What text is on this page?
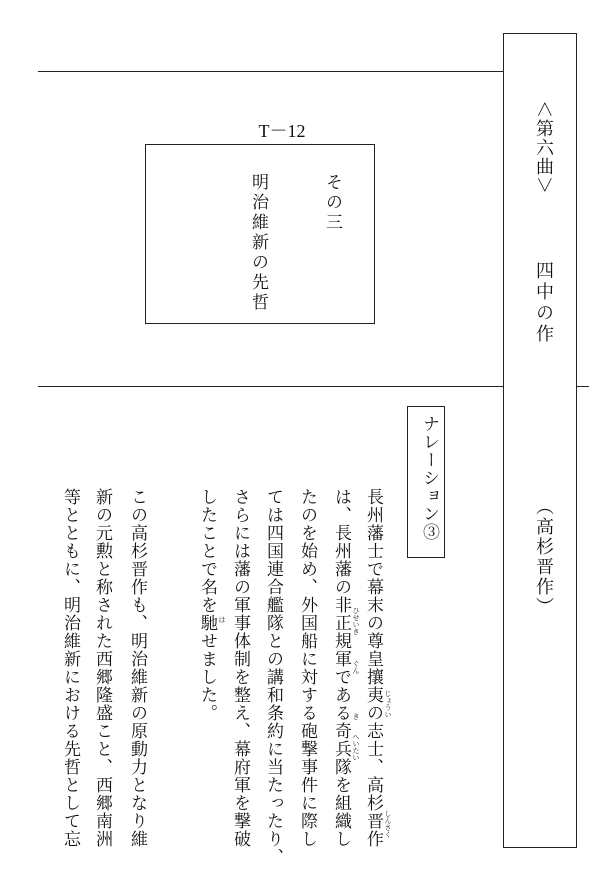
＜第六曲＞
四中の作
（高杉晋作）
T－12
その三
明治維新の先哲
ナレーション③
長州藩士で幕末の尊皇攘夷の志士、高杉晋作
は、長州藩の非正規軍である奇兵隊を組織し
たのを始め、外国船に対する砲撃事件に際し
ては四国連合艦隊との講和条約に当たったり、
さらには藩の軍事体制を整え、幕府軍を撃破
したことで名を馳せました。
この高杉晋作も、明治維新の原動力となり維
新の元勲と称された西郷隆盛こと、西郷南洲
等とともに、明治維新における先哲として忘	じょうい
しんさく
ひせいき
ぐん
き
へいたい
は
